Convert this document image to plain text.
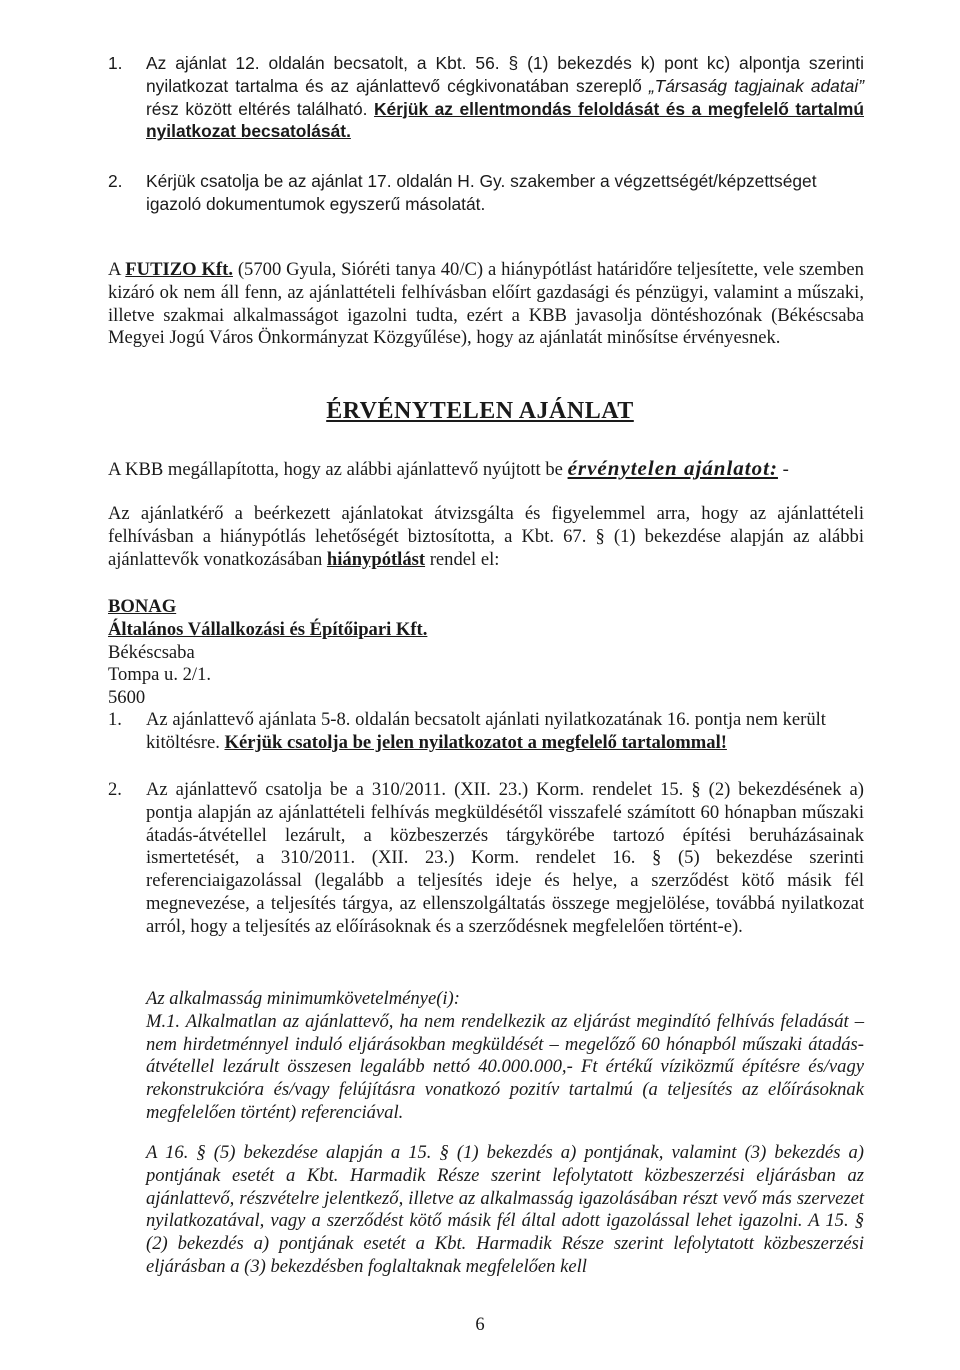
1.	Az ajánlat 12. oldalán becsatolt, a Kbt. 56. § (1) bekezdés k) pont kc) alpontja szerinti nyilatkozat tartalma és az ajánlattevő cégkivonatában szereplő „Társaság tagjainak adatai” rész között eltérés található. Kérjük az ellentmondás feloldását és a megfelelő tartalmú nyilatkozat becsatolását.

2.	Kérjük csatolja be az ajánlat 17. oldalán H. Gy. szakember a végzettségét/képzettséget igazoló dokumentumok egyszerű másolatát.

A FUTIZO Kft. (5700 Gyula, Sióréti tanya 40/C) a hiánypótlást határidőre teljesítette, vele szemben kizáró ok nem áll fenn, az ajánlattételi felhívásban előírt gazdasági és pénzügyi, valamint a műszaki, illetve szakmai alkalmasságot igazolni tudta, ezért a KBB javasolja döntéshozónak (Békéscsaba Megyei Jogú Város Önkormányzat Közgyűlése), hogy az ajánlatát minősítse érvényesnek.

ÉRVÉNYTELEN AJÁNLAT

A KBB megállapította, hogy az alábbi ajánlattevő nyújtott be érvénytelen ajánlatot: -

Az ajánlatkérő a beérkezett ajánlatokat átvizsgálta és figyelemmel arra, hogy az ajánlattételi felhívásban a hiánypótlás lehetőségét biztosította, a Kbt. 67. § (1) bekezdése alapján az alábbi ajánlattevők vonatkozásában hiánypótlást rendel el:

BONAG
Általános Vállalkozási és Építőipari Kft.
Békéscsaba
Tompa u. 2/1.
5600
1.	Az ajánlattevő ajánlata 5-8. oldalán becsatolt ajánlati nyilatkozatának 16. pontja nem került kitöltésre. Kérjük csatolja be jelen nyilatkozatot a megfelelő tartalommal!

2.	Az ajánlattevő csatolja be a 310/2011. (XII. 23.) Korm. rendelet 15. § (2) bekezdésének a) pontja alapján az ajánlattételi felhívás megküldésétől visszafelé számított 60 hónapban műszaki átadás-átvétellel lezárult, a közbeszerzés tárgykörébe tartozó építési beruházásainak ismertetését, a 310/2011. (XII. 23.) Korm. rendelet 16. § (5) bekezdése szerinti referenciaigazolással (legalább a teljesítés ideje és helye, a szerződést kötő másik fél megnevezése, a teljesítés tárgya, az ellenszolgáltatás összege megjelölése, továbbá nyilatkozat arról, hogy a teljesítés az előírásoknak és a szerződésnek megfelelően történt-e).

Az alkalmasság minimumkövetelménye(i):

M.1. Alkalmatlan az ajánlattevő, ha nem rendelkezik az eljárást megindító felhívás feladását – nem hirdetménnyel induló eljárásokban megküldését – megelőző 60 hónapból műszaki átadás-átvétellel lezárult összesen legalább nettó 40.000.000,- Ft értékű víziközmű építésre és/vagy rekonstrukcióra és/vagy felújításra vonatkozó pozitív tartalmú (a teljesítés az előírásoknak megfelelően történt) referenciával.

A 16. § (5) bekezdése alapján a 15. § (1) bekezdés a) pontjának, valamint (3) bekezdés a) pontjának esetét a Kbt. Harmadik Része szerint lefolytatott közbeszerzési eljárásban az ajánlattevő, részvételre jelentkező, illetve az alkalmasság igazolásában részt vevő más szervezet nyilatkozatával, vagy a szerződést kötő másik fél által adott igazolással lehet igazolni. A 15. § (2) bekezdés a) pontjának esetét a Kbt. Harmadik Része szerint lefolytatott közbeszerzési eljárásban a (3) bekezdésben foglaltaknak megfelelően kell

6
